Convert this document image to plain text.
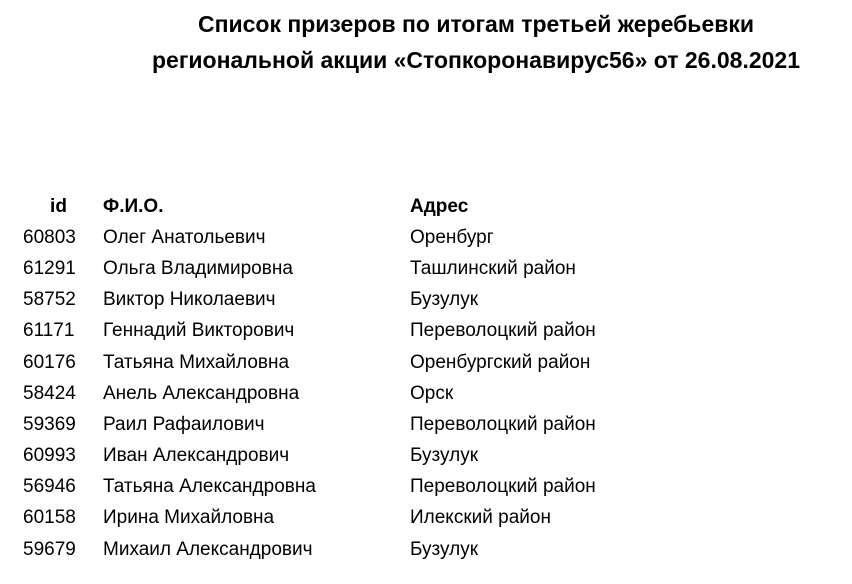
Список призеров по итогам третьей жеребьевки
региональной акции «Стопкоронавирус56» от 26.08.2021
id	Ф.И.О.	Адрес
60803	Олег Анатольевич	Оренбург
61291	Ольга Владимировна	Ташлинский район
58752	Виктор Николаевич	Бузулук
61171	Геннадий Викторович	Переволоцкий район
60176	Татьяна Михайловна	Оренбургский район
58424	Анель Александровна	Орск
59369	Раил Рафаилович	Переволоцкий район
60993	Иван Александрович	Бузулук
56946	Татьяна Александровна	Переволоцкий район
60158	Ирина Михайловна	Илекский район
59679	Михаил Александрович	Бузулук
